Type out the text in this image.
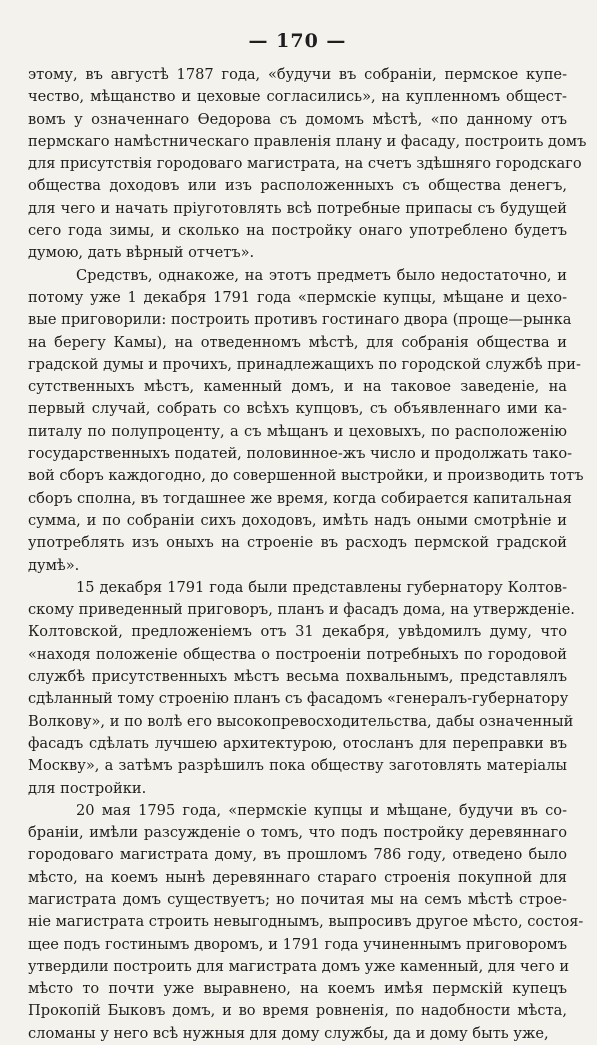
— 170 —
этому, въ августѣ 1787 года, «будучи въ собраніи, пермское купе-
чество, мѣщанство и цеховые согласились», на купленномъ общест-
вомъ у означеннаго Ѳедорова съ домомъ мѣстѣ, «по данному отъ
пермскаго намѣстническаго правленія плану и фасаду, построить домъ
для присутствія городоваго магистрата, на счетъ здѣшняго городскаго
общества доходовъ или изъ расположенныхъ съ общества денегъ,
для чего и начать пріуготовлять всѣ потребные припасы съ будущей
сего года зимы, и сколько на постройку онаго употреблено будетъ
думою, дать вѣрный отчетъ».
Средствъ, однакоже, на этотъ предметъ было недостаточно, и
потому уже 1 декабря 1791 года «пермскіе купцы, мѣщане и цехо-
вые приговорили: построить противъ гостинаго двора (проще—рынка
на берегу Камы), на отведенномъ мѣстѣ, для собранія общества и
градской думы и прочихъ, принадлежащихъ по городской службѣ при-
сутственныхъ мѣстъ, каменный домъ, и на таковое заведеніе, на
первый случай, собрать со всѣхъ купцовъ, съ объявленнаго ими ка-
питалу по полупроценту, а съ мѣщанъ и цеховыхъ, по расположенію
государственныхъ податей, половинное-жъ число и продолжать тако-
вой сборъ каждогодно, до совершенной выстройки, и производить тотъ
сборъ сполна, въ тогдашнее же время, когда собирается капитальная
сумма, и по собраніи сихъ доходовъ, имѣть надъ оными смотрѣніе и
употреблять изъ оныхъ на строеніе въ расходъ пермской градской
думѣ».
15 декабря 1791 года были представлены губернатору Колтов-
скому приведенный приговоръ, планъ и фасадъ дома, на утвержденіе.
Колтовской, предложеніемъ отъ 31 декабря, увѣдомилъ думу, что
«находя положеніе общества о построеніи потребныхъ по городовой
службѣ присутственныхъ мѣстъ весьма похвальнымъ, представлялъ
сдѣланный тому строенію планъ съ фасадомъ «генералъ-губернатору
Волкову», и по волѣ его высокопревосходительства, дабы означенный
фасадъ сдѣлать лучшею архитектурою, отосланъ для переправки въ
Москву», а затѣмъ разрѣшилъ пока обществу заготовлять матеріалы
для постройки.
20 мая 1795 года, «пермскіе купцы и мѣщане, будучи въ со-
браніи, имѣли разсужденіе о томъ, что подъ постройку деревяннаго
городоваго магистрата дому, въ прошломъ 786 году, отведено было
мѣсто, на коемъ нынѣ деревяннаго стараго строенія покупной для
магистрата домъ существуетъ; но почитая мы на семъ мѣстѣ строе-
ніе магистрата строить невыгоднымъ, выпросивъ другое мѣсто, состоя-
щее подъ гостинымъ дворомъ, и 1791 года учиненнымъ приговоромъ
утвердили построить для магистрата домъ уже каменный, для чего и
мѣсто то почти уже выравнено, на коемъ имѣя пермскій купецъ
Прокопій Быковъ домъ, и во время ровненія, по надобности мѣста,
сломаны у него всѣ нужныя для дому службы, да и дому быть уже,
